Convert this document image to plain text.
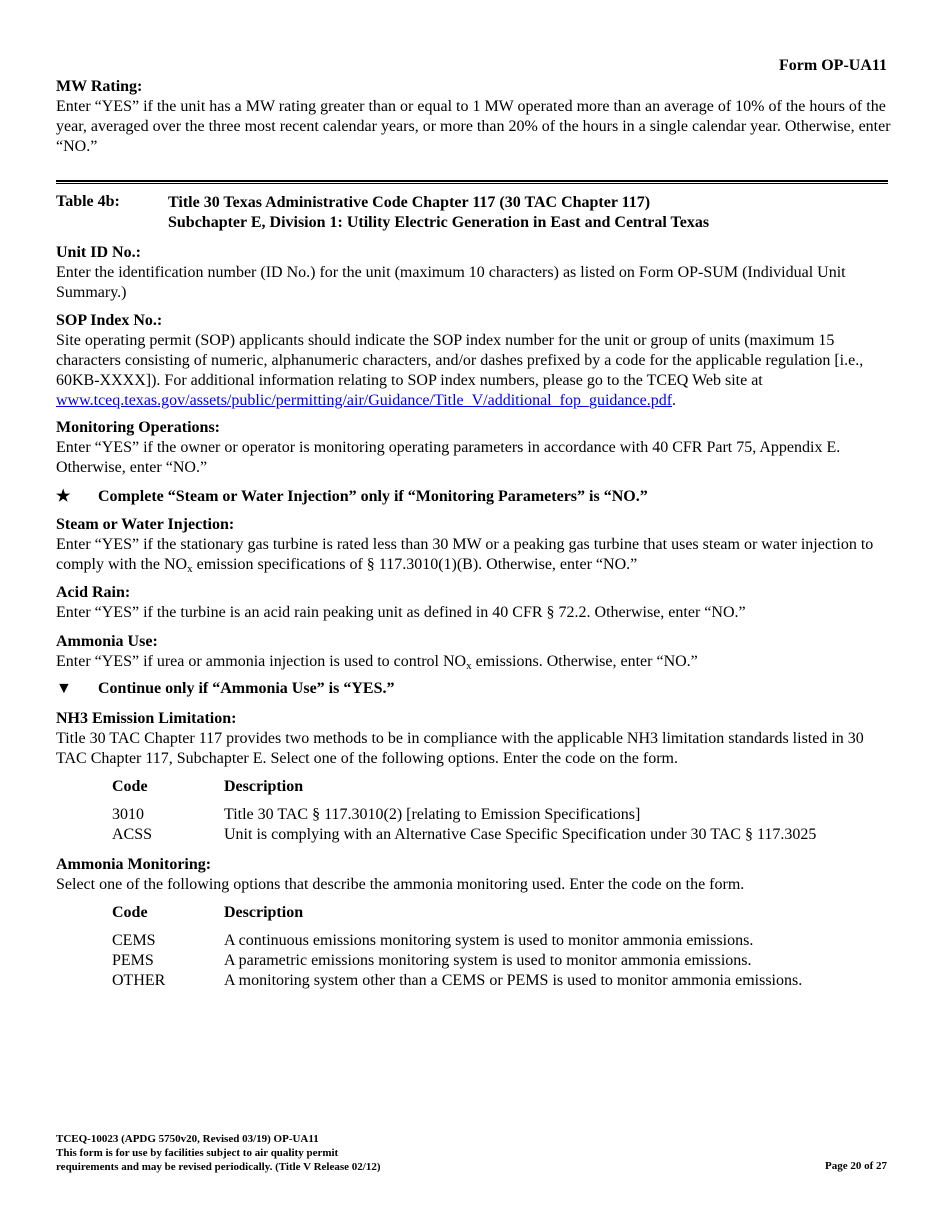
Form OP-UA11
MW Rating:
Enter “YES” if the unit has a MW rating greater than or equal to 1 MW operated more than an average of 10% of the hours of the year, averaged over the three most recent calendar years, or more than 20% of the hours in a single calendar year. Otherwise, enter “NO.”
Table 4b:	Title 30 Texas Administrative Code Chapter 117 (30 TAC Chapter 117)
Subchapter E, Division 1: Utility Electric Generation in East and Central Texas
Unit ID No.:
Enter the identification number (ID No.) for the unit (maximum 10 characters) as listed on Form OP-SUM (Individual Unit Summary.)
SOP Index No.:
Site operating permit (SOP) applicants should indicate the SOP index number for the unit or group of units (maximum 15 characters consisting of numeric, alphanumeric characters, and/or dashes prefixed by a code for the applicable regulation [i.e., 60KB-XXXX]). For additional information relating to SOP index numbers, please go to the TCEQ Web site at www.tceq.texas.gov/assets/public/permitting/air/Guidance/Title_V/additional_fop_guidance.pdf.
Monitoring Operations:
Enter “YES” if the owner or operator is monitoring operating parameters in accordance with 40 CFR Part 75, Appendix E. Otherwise, enter “NO.”
★ Complete “Steam or Water Injection” only if “Monitoring Parameters” is “NO.”
Steam or Water Injection:
Enter “YES” if the stationary gas turbine is rated less than 30 MW or a peaking gas turbine that uses steam or water injection to comply with the $NO_x$ emission specifications of § 117.3010(1)(B). Otherwise, enter “NO.”
Acid Rain:
Enter “YES” if the turbine is an acid rain peaking unit as defined in 40 CFR § 72.2. Otherwise, enter “NO.”
Ammonia Use:
Enter “YES” if urea or ammonia injection is used to control $NO_x$ emissions. Otherwise, enter “NO.”
▼ Continue only if “Ammonia Use” is “YES.”
NH3 Emission Limitation:
Title 30 TAC Chapter 117 provides two methods to be in compliance with the applicable NH3 limitation standards listed in 30 TAC Chapter 117, Subchapter E. Select one of the following options. Enter the code on the form.
Code	Description
3010	Title 30 TAC § 117.3010(2) [relating to Emission Specifications]
ACSS	Unit is complying with an Alternative Case Specific Specification under 30 TAC § 117.3025
Ammonia Monitoring:
Select one of the following options that describe the ammonia monitoring used. Enter the code on the form.
Code	Description
CEMS	A continuous emissions monitoring system is used to monitor ammonia emissions.
PEMS	A parametric emissions monitoring system is used to monitor ammonia emissions.
OTHER	A monitoring system other than a CEMS or PEMS is used to monitor ammonia emissions.
TCEQ-10023 (APDG 5750v20, Revised 03/19) OP-UA11
This form is for use by facilities subject to air quality permit
requirements and may be revised periodically. (Title V Release 02/12)	Page 20 of 27
